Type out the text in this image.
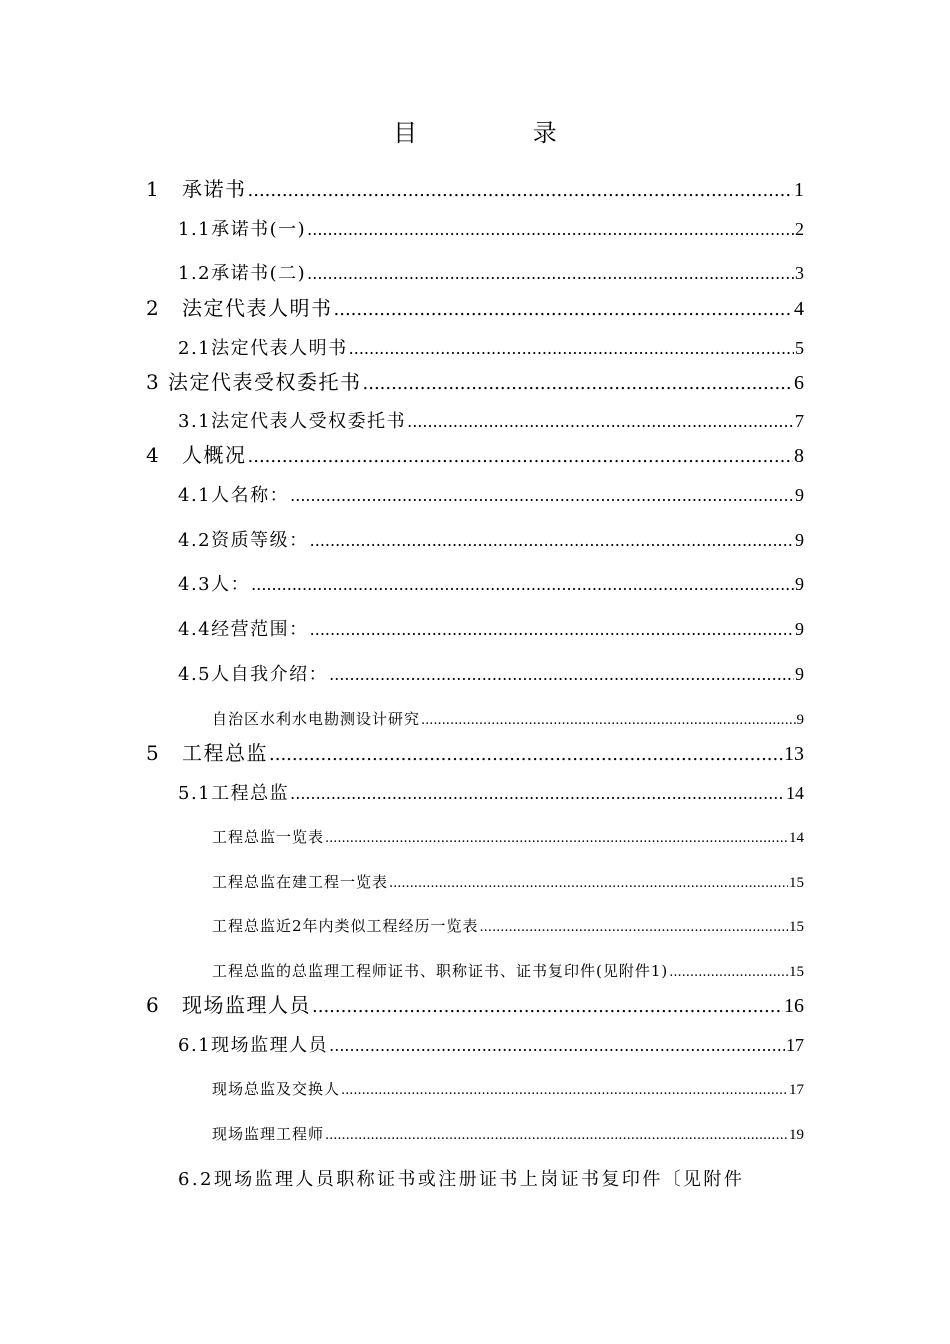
目 录
1 承诺书 .....	1
1.1承诺书(一) .....	2
1.2承诺书(二) .....	3
2 法定代表人明书 .....	4
2.1法定代表人明书 .....	5
3 法定代表受权委托书 .....	6
3.1法定代表人受权委托书 .....	7
4 人概况 .....	8
4.1人名称： .....	9
4.2资质等级： .....	9
4.3人： .....	9
4.4经营范围： .....	9
4.5人自我介绍： .....	9
自治区水利水电勘测设计研究 .....	9
5 工程总监 .....	13
5.1工程总监 .....	14
工程总监一览表 .....	14
工程总监在建工程一览表 .....	15
工程总监近2年内类似工程经历一览表 .....	15
工程总监的总监理工程师证书、职称证书、证书复印件(见附件1) .....	15
6 现场监理人员 .....	16
6.1现场监理人员 .....	17
现场总监及交换人 .....	17
现场监理工程师 .....	19
6.2现场监理人员职称证书或注册证书上岗证书复印件〔见附件
